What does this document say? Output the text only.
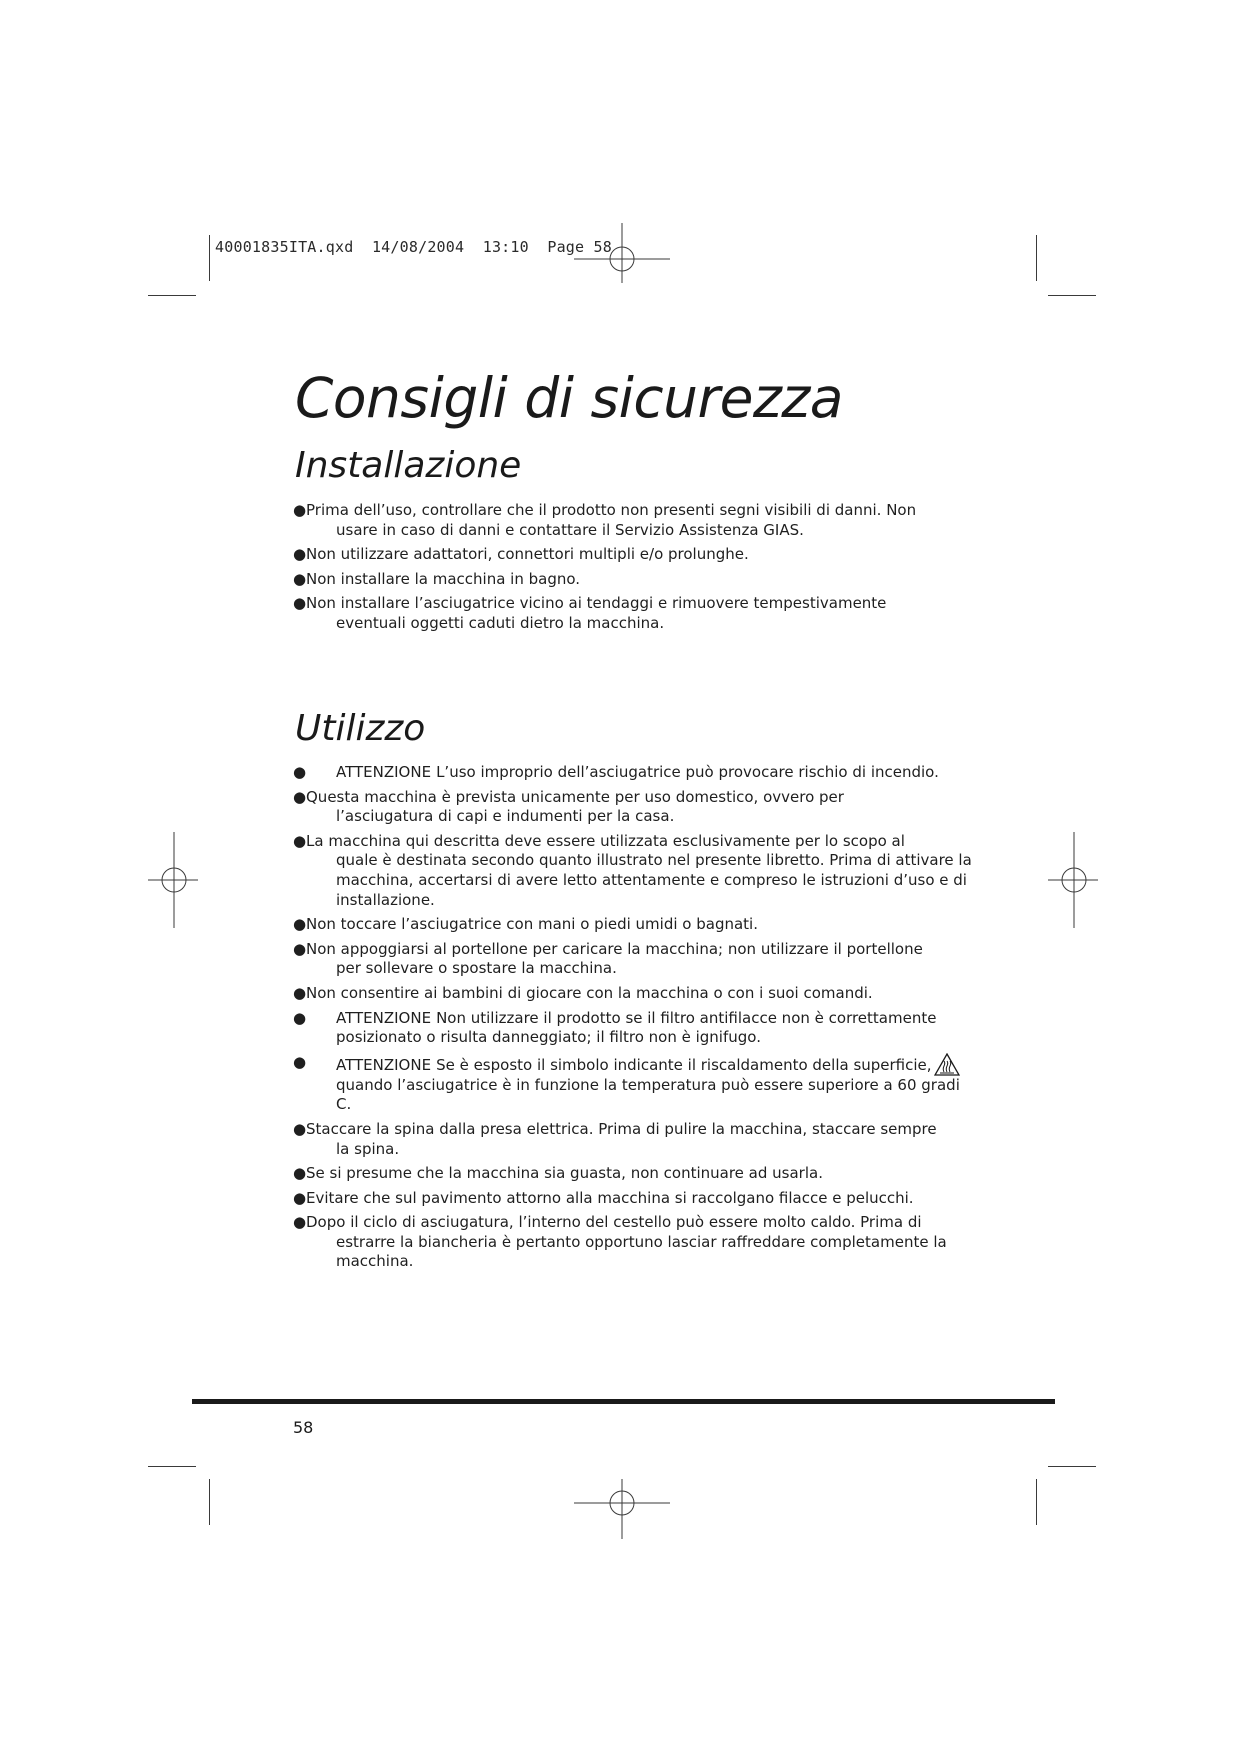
40001835ITA.qxd 14/08/2004 13:10 Page 58
Consigli di sicurezza
Installazione
● Prima dell’uso, controllare che il prodotto non presenti segni visibili di danni. Non
usare in caso di danni e contattare il Servizio Assistenza GIAS.
● Non utilizzare adattatori, connettori multipli e/o prolunghe.
● Non installare la macchina in bagno.
● Non installare l’asciugatrice vicino ai tendaggi e rimuovere tempestivamente
eventuali oggetti caduti dietro la macchina.
Utilizzo
● ATTENZIONE L’uso improprio dell’asciugatrice può provocare rischio di incendio.
● Questa macchina è prevista unicamente per uso domestico, ovvero per
l’asciugatura di capi e indumenti per la casa.
● La macchina qui descritta deve essere utilizzata esclusivamente per lo scopo al
quale è destinata secondo quanto illustrato nel presente libretto. Prima di attivare la macchina, accertarsi di avere letto attentamente e compreso le istruzioni d’uso e di installazione.
● Non toccare l’asciugatrice con mani o piedi umidi o bagnati.
● Non appoggiarsi al portellone per caricare la macchina; non utilizzare il portellone
per sollevare o spostare la macchina.
● Non consentire ai bambini di giocare con la macchina o con i suoi comandi.
● ATTENZIONE Non utilizzare il prodotto se il filtro antifilacce non è correttamente posizionato o risulta danneggiato; il filtro non è ignifugo.
● ATTENZIONE Se è esposto il simbolo indicante il riscaldamento della superficie, quando l’asciugatrice è in funzione la temperatura può essere superiore a 60 gradi C.
● Staccare la spina dalla presa elettrica. Prima di pulire la macchina, staccare sempre
la spina.
● Se si presume che la macchina sia guasta, non continuare ad usarla.
● Evitare che sul pavimento attorno alla macchina si raccolgano filacce e pelucchi.
● Dopo il ciclo di asciugatura, l’interno del cestello può essere molto caldo. Prima di
estrarre la biancheria è pertanto opportuno lasciar raffreddare completamente la macchina.
58
